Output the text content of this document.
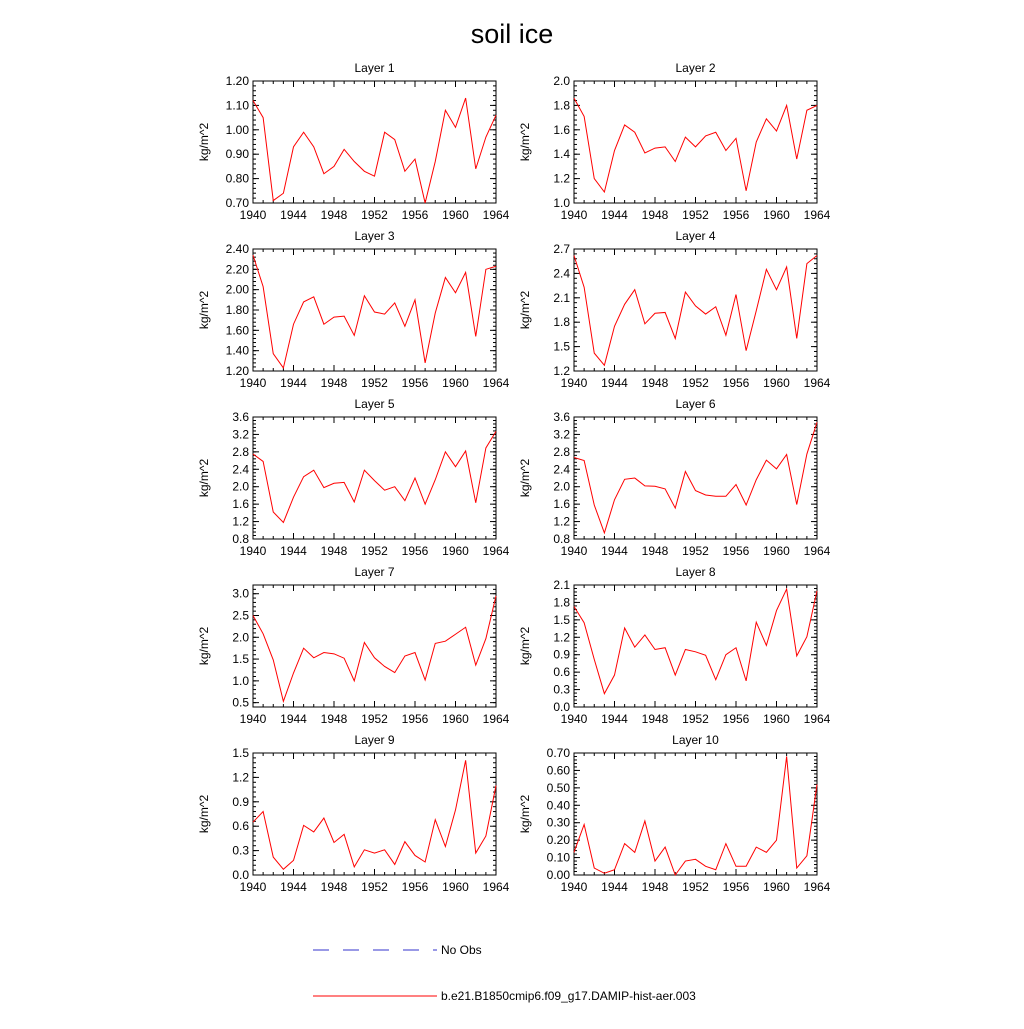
soil ice
Layer 1
1940 1944 1948 1952 1956 1960 1964
0.70
0.80
0.90
1.00
1.10
1.20
kg/m^2
Layer 2
1940 1944 1948 1952 1956 1960 1964
1.0
1.2
1.4
1.6
1.8
2.0
kg/m^2
Layer 3
1940 1944 1948 1952 1956 1960 1964
1.20
1.40
1.60
1.80
2.00
2.20
2.40
kg/m^2
Layer 4
1940 1944 1948 1952 1956 1960 1964
1.2
1.5
1.8
2.1
2.4
2.7
kg/m^2
Layer 5
1940 1944 1948 1952 1956 1960 1964
0.8
1.2
1.6
2.0
2.4
2.8
3.2
3.6
kg/m^2
Layer 6
1940 1944 1948 1952 1956 1960 1964
0.8
1.2
1.6
2.0
2.4
2.8
3.2
3.6
kg/m^2
Layer 7
1940 1944 1948 1952 1956 1960 1964
0.5
1.0
1.5
2.0
2.5
3.0
kg/m^2
Layer 8
1940 1944 1948 1952 1956 1960 1964
0.0
0.3
0.6
0.9
1.2
1.5
1.8
2.1
kg/m^2
Layer 9
1940 1944 1948 1952 1956 1960 1964
0.0
0.3
0.6
0.9
1.2
1.5
kg/m^2
Layer 10
1940 1944 1948 1952 1956 1960 1964
0.00
0.10
0.20
0.30
0.40
0.50
0.60
0.70
kg/m^2
No Obs
b.e21.B1850cmip6.f09_g17.DAMIP-hist-aer.003
